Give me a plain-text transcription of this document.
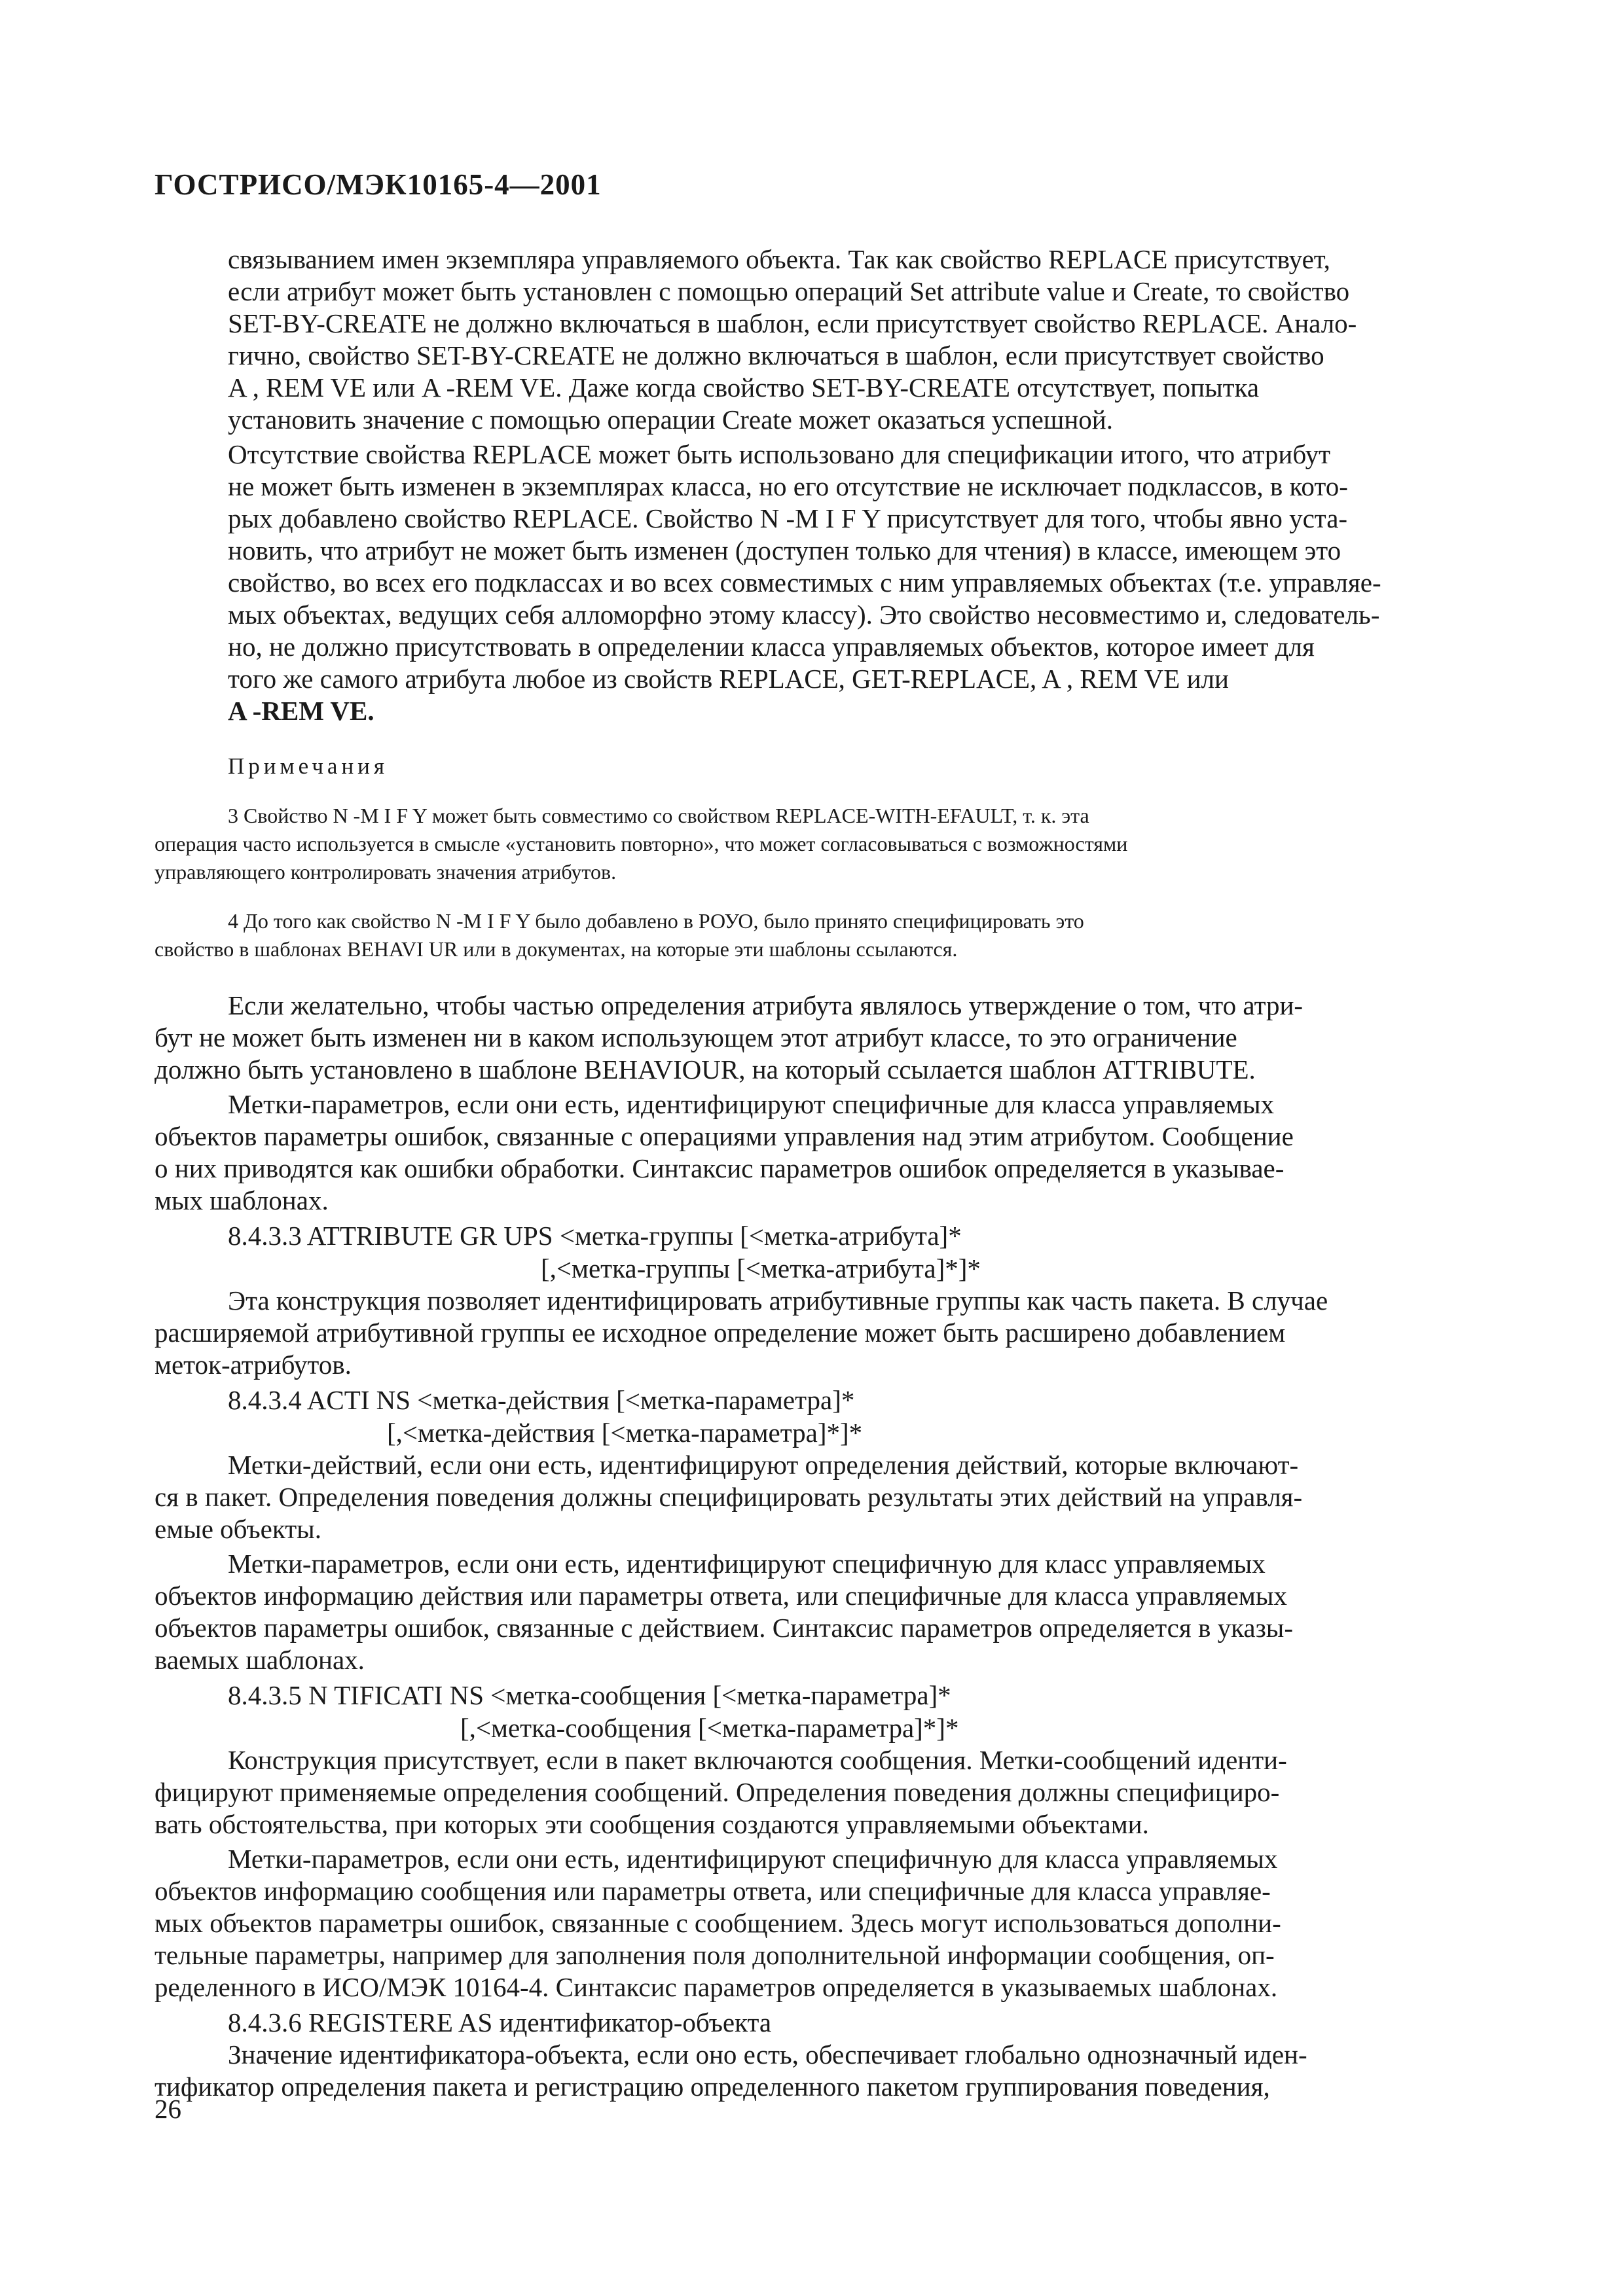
ГОСТРИСО/МЭК10165-4—2001

связыванием имен экземпляра управляемого объекта. Так как свойство REPLACE присутствует,
если атрибут может быть установлен с помощью операций Set attribute value и Create, то свойство
SET-BY-CREATE не должно включаться в шаблон, если присутствует свойство REPLACE. Анало-
гично, свойство SET-BY-CREATE не должно включаться в шаблон, если присутствует свойство
A , REM VE или A -REM VE. Даже когда свойство SET-BY-CREATE отсутствует, попытка
установить значение с помощью операции Create может оказаться успешной.

Отсутствие свойства REPLACE может быть использовано для спецификации итого, что атрибут
не может быть изменен в экземплярах класса, но его отсутствие не исключает подклассов, в кото-
рых добавлено свойство REPLACE. Свойство N -M I F Y присутствует для того, чтобы явно уста-
новить, что атрибут не может быть изменен (доступен только для чтения) в классе, имеющем это
свойство, во всех его подклассах и во всех совместимых с ним управляемых объектах (т.е. управляе-
мых объектах, ведущих себя алломорфно этому классу). Это свойство несовместимо и, следователь-
но, не должно присутствовать в определении класса управляемых объектов, которое имеет для
того же самого атрибута любое из свойств REPLACE, GET-REPLACE, A , REM VE или
A -REM VE.

Примечания

3 Свойство N -M I F Y может быть совместимо со свойством REPLACE-WITH-EFAULT, т. к. эта
операция часто используется в смысле «установить повторно», что может согласовываться с возможностями
управляющего контролировать значения атрибутов.

4 До того как свойство N -M I F Y было добавлено в РОУО, было принято специфицировать это
свойство в шаблонах BEHAVI UR или в документах, на которые эти шаблоны ссылаются.

Если желательно, чтобы частью определения атрибута являлось утверждение о том, что атри-
бут не может быть изменен ни в каком использующем этот атрибут классе, то это ограничение
должно быть установлено в шаблоне BEHAVIOUR, на который ссылается шаблон ATTRIBUTE.

Метки-параметров, если они есть, идентифицируют специфичные для класса управляемых
объектов параметры ошибок, связанные с операциями управления над этим атрибутом. Сообщение
о них приводятся как ошибки обработки. Синтаксис параметров ошибок определяется в указывае-
мых шаблонах.

8.4.3.3 ATTRIBUTE GR UPS <метка-группы [<метка-атрибута]*
[,<метка-группы [<метка-атрибута]*]*

Эта конструкция позволяет идентифицировать атрибутивные группы как часть пакета. В случае
расширяемой атрибутивной группы ее исходное определение может быть расширено добавлением
меток-атрибутов.

8.4.3.4 ACTI NS <метка-действия [<метка-параметра]*
[,<метка-действия [<метка-параметра]*]*

Метки-действий, если они есть, идентифицируют определения действий, которые включают-
ся в пакет. Определения поведения должны специфицировать результаты этих действий на управля-
емые объекты.

Метки-параметров, если они есть, идентифицируют специфичную для класс управляемых
объектов информацию действия или параметры ответа, или специфичные для класса управляемых
объектов параметры ошибок, связанные с действием. Синтаксис параметров определяется в указы-
ваемых шаблонах.

8.4.3.5 N TIFICATI NS <метка-сообщения [<метка-параметра]*
[,<метка-сообщения [<метка-параметра]*]*

Конструкция присутствует, если в пакет включаются сообщения. Метки-сообщений иденти-
фицируют применяемые определения сообщений. Определения поведения должны специфициро-
вать обстоятельства, при которых эти сообщения создаются управляемыми объектами.

Метки-параметров, если они есть, идентифицируют специфичную для класса управляемых
объектов информацию сообщения или параметры ответа, или специфичные для класса управляе-
мых объектов параметры ошибок, связанные с сообщением. Здесь могут использоваться дополни-
тельные параметры, например для заполнения поля дополнительной информации сообщения, оп-
ределенного в ИСО/МЭК 10164-4. Синтаксис параметров определяется в указываемых шаблонах.

8.4.3.6 REGISTERE AS идентификатор-объекта

Значение идентификатора-объекта, если оно есть, обеспечивает глобально однозначный иден-
тификатор определения пакета и регистрацию определенного пакетом группирования поведения,

26
